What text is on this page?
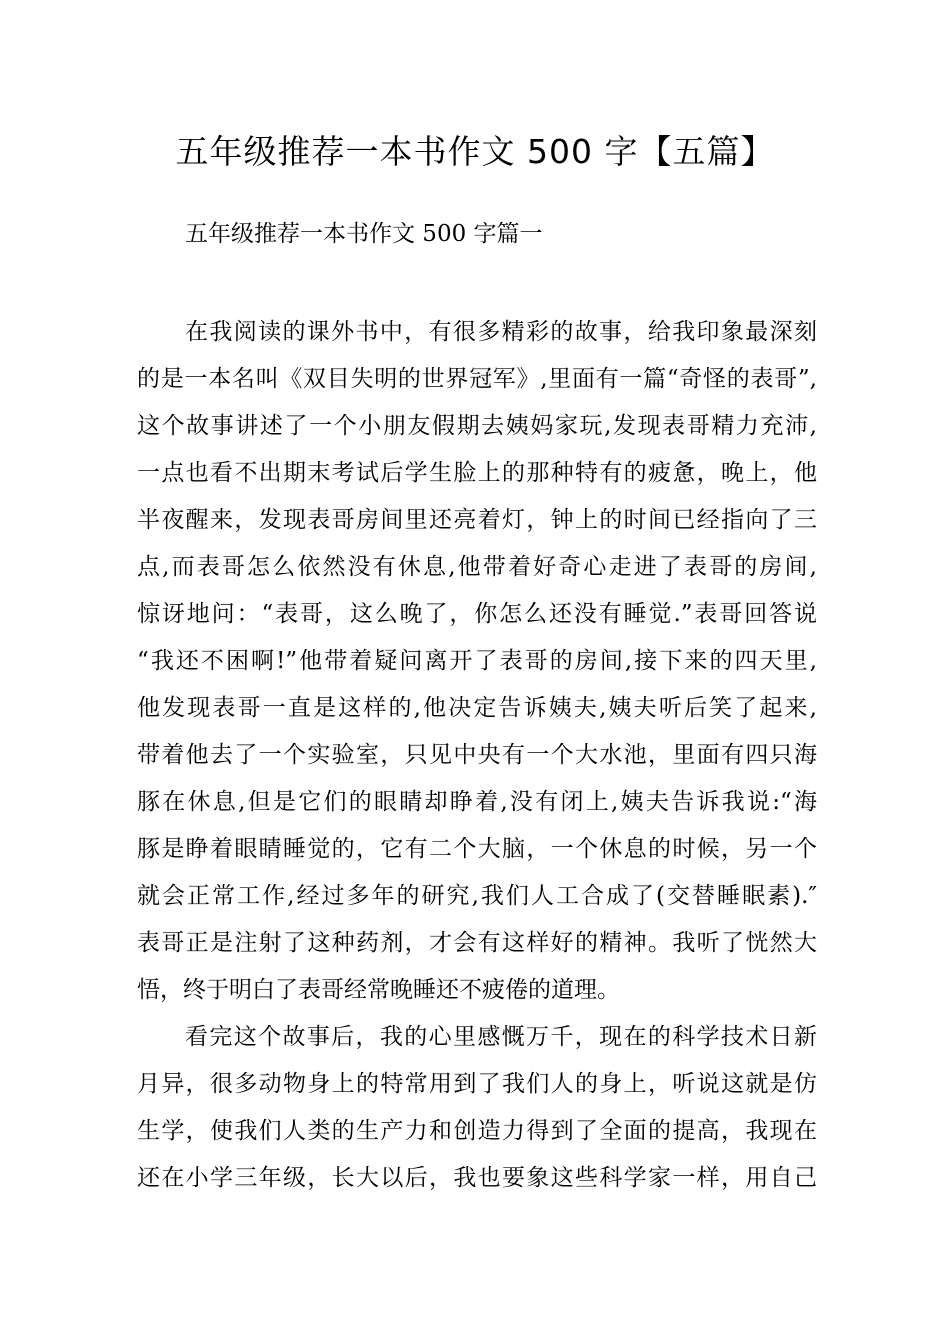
五年级推荐一本书作文 500 字【五篇】
五年级推荐一本书作文 500 字篇一
在我阅读的课外书中，有很多精彩的故事，给我印象最深刻
的是一本名叫《双目失明的世界冠军》,里面有一篇“奇怪的表哥”,
这个故事讲述了一个小朋友假期去姨妈家玩,发现表哥精力充沛,
一点也看不出期末考试后学生脸上的那种特有的疲惫，晚上，他
半夜醒来，发现表哥房间里还亮着灯，钟上的时间已经指向了三
点,而表哥怎么依然没有休息,他带着好奇心走进了表哥的房间,
惊讶地问：“表哥，这么晚了，你怎么还没有睡觉.”表哥回答说
“我还不困啊!”他带着疑问离开了表哥的房间,接下来的四天里,
他发现表哥一直是这样的,他决定告诉姨夫,姨夫听后笑了起来,
带着他去了一个实验室，只见中央有一个大水池，里面有四只海
豚在休息,但是它们的眼睛却睁着,没有闭上,姨夫告诉我说:“海
豚是睁着眼睛睡觉的，它有二个大脑，一个休息的时候，另一个
就会正常工作,经过多年的研究,我们人工合成了(交替睡眠素).″
表哥正是注射了这种药剂，才会有这样好的精神。我听了恍然大
悟，终于明白了表哥经常晚睡还不疲倦的道理。
看完这个故事后，我的心里感慨万千，现在的科学技术日新
月异，很多动物身上的特常用到了我们人的身上，听说这就是仿
生学，使我们人类的生产力和创造力得到了全面的提高，我现在
还在小学三年级，长大以后，我也要象这些科学家一样，用自己
